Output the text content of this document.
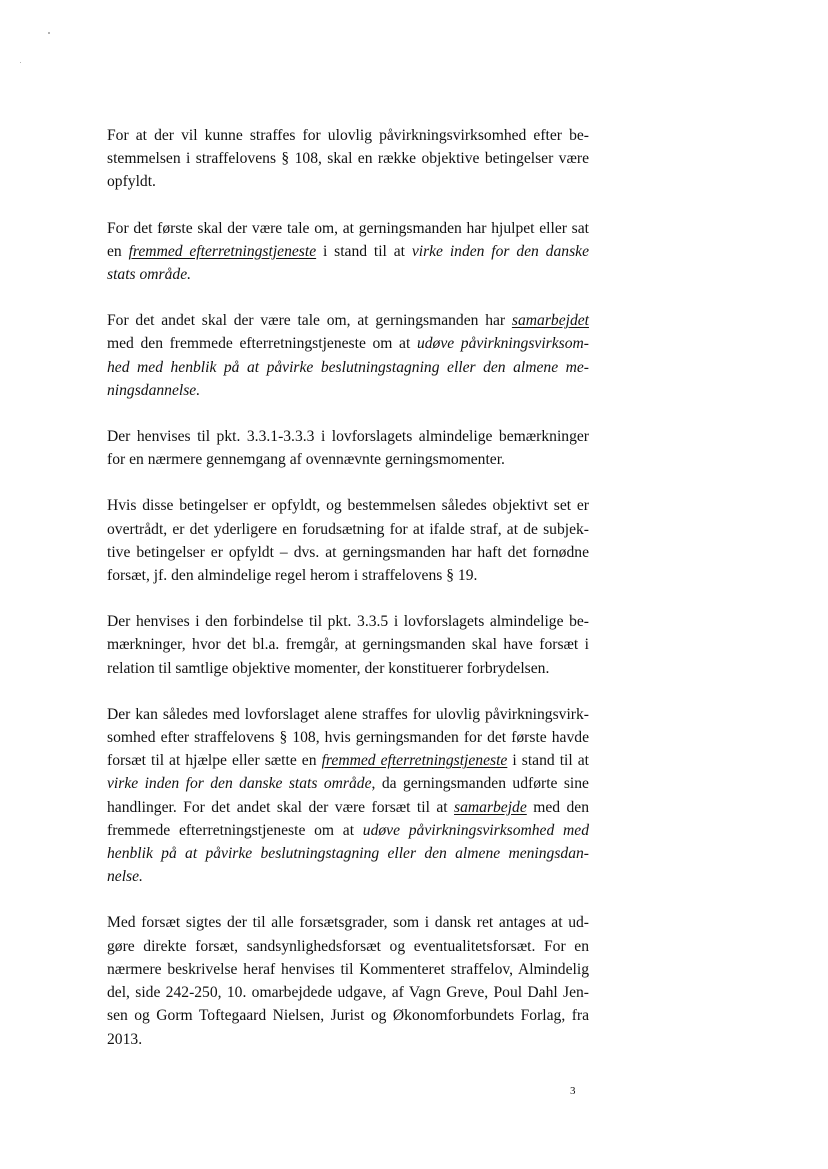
For at der vil kunne straffes for ulovlig påvirkningsvirksomhed efter be-
stemmelsen i straffelovens § 108, skal en række objektive betingelser være
opfyldt.

For det første skal der være tale om, at gerningsmanden har hjulpet eller sat
en fremmed efterretningstjeneste i stand til at virke inden for den danske
stats område.

For det andet skal der være tale om, at gerningsmanden har samarbejdet
med den fremmede efterretningstjeneste om at udøve påvirkningsvirksom-
hed med henblik på at påvirke beslutningstagning eller den almene me-
ningsdannelse.

Der henvises til pkt. 3.3.1-3.3.3 i lovforslagets almindelige bemærkninger
for en nærmere gennemgang af ovennævnte gerningsmomenter.

Hvis disse betingelser er opfyldt, og bestemmelsen således objektivt set er
overtrådt, er det yderligere en forudsætning for at ifalde straf, at de subjek-
tive betingelser er opfyldt – dvs. at gerningsmanden har haft det fornødne
forsæt, jf. den almindelige regel herom i straffelovens § 19.

Der henvises i den forbindelse til pkt. 3.3.5 i lovforslagets almindelige be-
mærkninger, hvor det bl.a. fremgår, at gerningsmanden skal have forsæt i
relation til samtlige objektive momenter, der konstituerer forbrydelsen.

Der kan således med lovforslaget alene straffes for ulovlig påvirkningsvirk-
somhed efter straffelovens § 108, hvis gerningsmanden for det første havde
forsæt til at hjælpe eller sætte en fremmed efterretningstjeneste i stand til at
virke inden for den danske stats område, da gerningsmanden udførte sine
handlinger. For det andet skal der være forsæt til at samarbejde med den
fremmede efterretningstjeneste om at udøve påvirkningsvirksomhed med
henblik på at påvirke beslutningstagning eller den almene meningsdan-
nelse.

Med forsæt sigtes der til alle forsætsgrader, som i dansk ret antages at ud-
gøre direkte forsæt, sandsynlighedsforsæt og eventualitetsforsæt. For en
nærmere beskrivelse heraf henvises til Kommenteret straffelov, Almindelig
del, side 242-250, 10. omarbejdede udgave, af Vagn Greve, Poul Dahl Jen-
sen og Gorm Toftegaard Nielsen, Jurist og Økonomforbundets Forlag, fra
2013.

3
